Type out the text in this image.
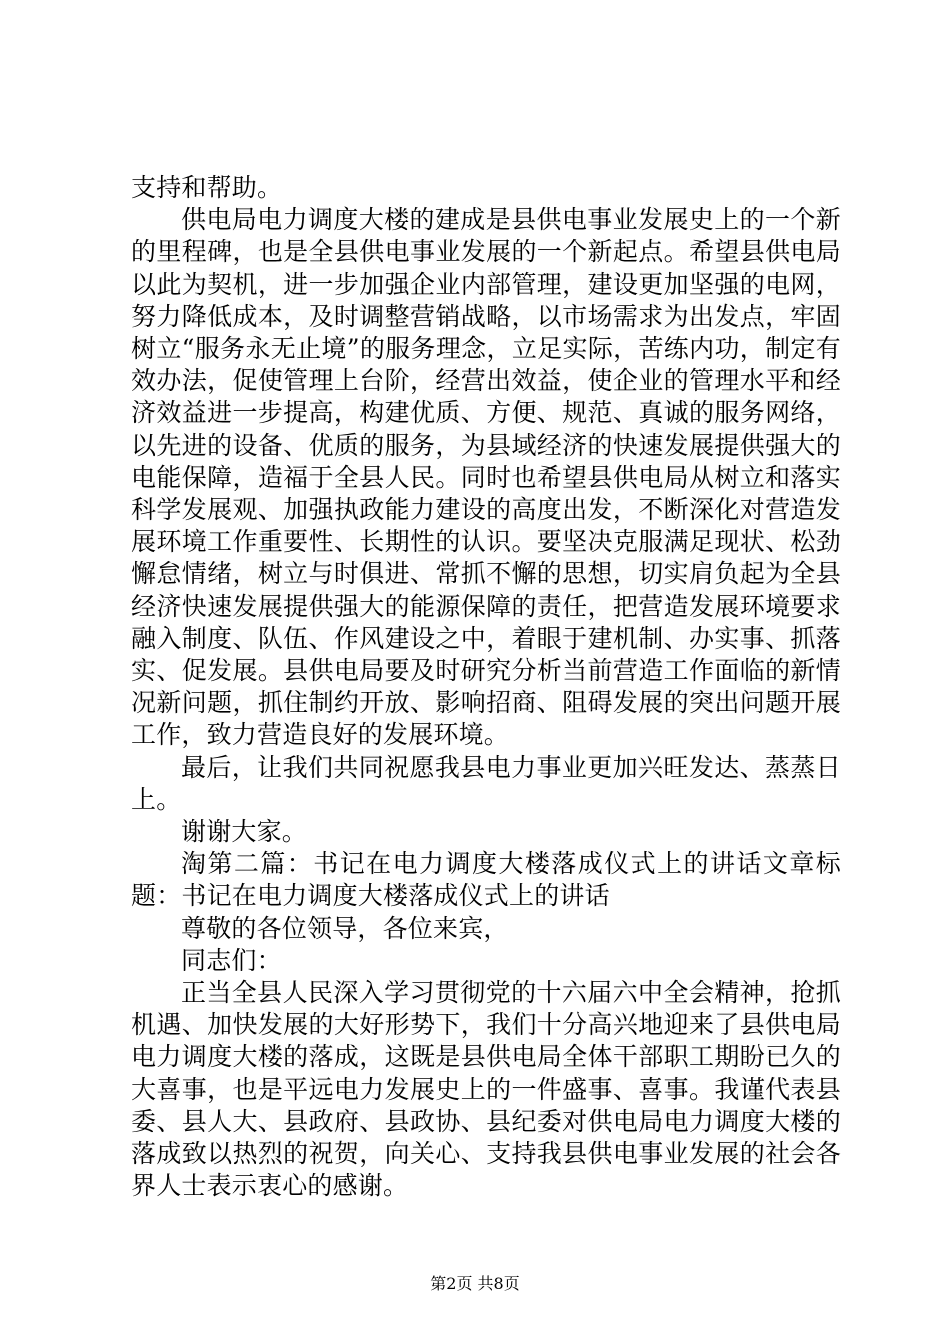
支持和帮助。

供电局电力调度大楼的建成是县供电事业发展史上的一个新的里程碑，也是全县供电事业发展的一个新起点。希望县供电局以此为契机，进一步加强企业内部管理，建设更加坚强的电网，努力降低成本，及时调整营销战略，以市场需求为出发点，牢固树立“服务永无止境”的服务理念，立足实际，苦练内功，制定有效办法，促使管理上台阶，经营出效益，使企业的管理水平和经济效益进一步提高，构建优质、方便、规范、真诚的服务网络，以先进的设备、优质的服务，为县域经济的快速发展提供强大的电能保障，造福于全县人民。同时也希望县供电局从树立和落实科学发展观、加强执政能力建设的高度出发，不断深化对营造发展环境工作重要性、长期性的认识。要坚决克服满足现状、松劲懈怠情绪，树立与时俱进、常抓不懈的思想，切实肩负起为全县经济快速发展提供强大的能源保障的责任，把营造发展环境要求融入制度、队伍、作风建设之中，着眼于建机制、办实事、抓落实、促发展。县供电局要及时研究分析当前营造工作面临的新情况新问题，抓住制约开放、影响招商、阻碍发展的突出问题开展工作，致力营造良好的发展环境。

最后，让我们共同祝愿我县电力事业更加兴旺发达、蒸蒸日上。

谢谢大家。

淘第二篇：书记在电力调度大楼落成仪式上的讲话文章标题：书记在电力调度大楼落成仪式上的讲话

尊敬的各位领导，各位来宾，

同志们：

正当全县人民深入学习贯彻党的十六届六中全会精神，抢抓机遇、加快发展的大好形势下，我们十分高兴地迎来了县供电局电力调度大楼的落成，这既是县供电局全体干部职工期盼已久的大喜事，也是平远电力发展史上的一件盛事、喜事。我谨代表县委、县人大、县政府、县政协、县纪委对供电局电力调度大楼的落成致以热烈的祝贺，向关心、支持我县供电事业发展的社会各界人士表示衷心的感谢。

第2页 共8页
